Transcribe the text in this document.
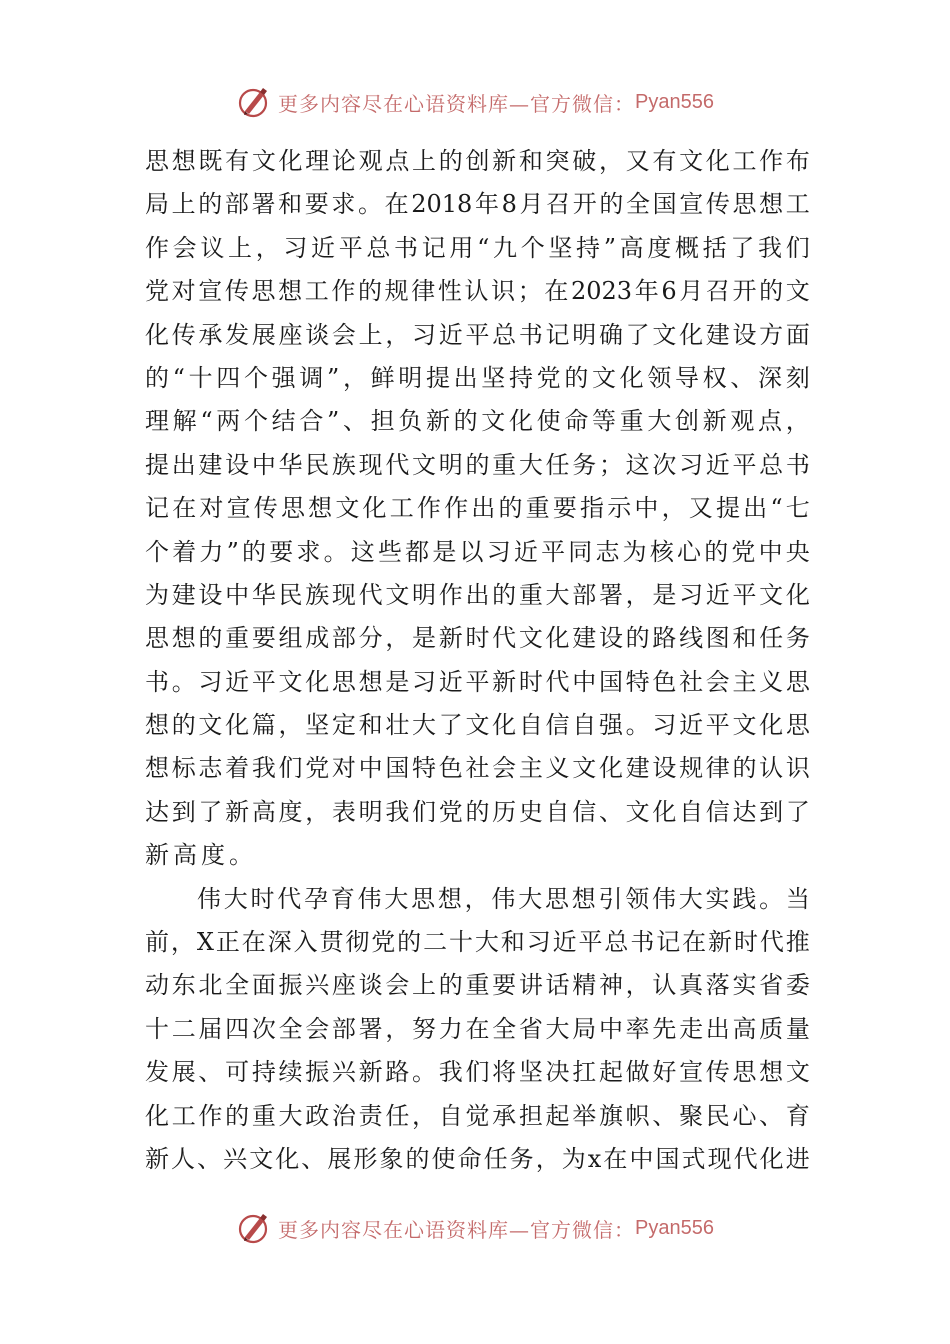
更多内容尽在心语资料库—官方微信： Pyan556
思 想 既 有 文 化 理 论 观 点 上 的 创 新 和 突 破 ， 又 有 文 化 工 作 布
局 上 的 部 署 和 要 求 。 在 2018 年 8 月 召 开 的 全 国 宣 传 思 想 工
作 会 议 上 ， 习 近 平 总 书 记 用 “ 九 个 坚 持 ” 高 度 概 括 了 我 们
党 对 宣 传 思 想 工 作 的 规 律 性 认 识 ； 在 2023 年 6 月 召 开 的 文
化 传 承 发 展 座 谈 会 上 ， 习 近 平 总 书 记 明 确 了 文 化 建 设 方 面
的 “ 十 四 个 强 调 ” ， 鲜 明 提 出 坚 持 党 的 文 化 领 导 权 、 深 刻
理 解 “ 两 个 结 合 ” 、 担 负 新 的 文 化 使 命 等 重 大 创 新 观 点 ，
提 出 建 设 中 华 民 族 现 代 文 明 的 重 大 任 务 ； 这 次 习 近 平 总 书
记 在 对 宣 传 思 想 文 化 工 作 作 出 的 重 要 指 示 中 ， 又 提 出 “ 七
个 着 力 ” 的 要 求 。 这 些 都 是 以 习 近 平 同 志 为 核 心 的 党 中 央
为 建 设 中 华 民 族 现 代 文 明 作 出 的 重 大 部 署 ， 是 习 近 平 文 化
思 想 的 重 要 组 成 部 分 ， 是 新 时 代 文 化 建 设 的 路 线 图 和 任 务
书 。 习 近 平 文 化 思 想 是 习 近 平 新 时 代 中 国 特 色 社 会 主 义 思
想 的 文 化 篇 ， 坚 定 和 壮 大 了 文 化 自 信 自 强 。 习 近 平 文 化 思
想 标 志 着 我 们 党 对 中 国 特 色 社 会 主 义 文 化 建 设 规 律 的 认 识
达 到 了 新 高 度 ， 表 明 我 们 党 的 历 史 自 信 、 文 化 自 信 达 到 了
新高度。
伟 大 时 代 孕 育 伟 大 思 想 ， 伟 大 思 想 引 领 伟 大 实 践 。 当
前 ， X 正 在 深 入 贯 彻 党 的 二 十 大 和 习 近 平 总 书 记 在 新 时 代 推
动 东 北 全 面 振 兴 座 谈 会 上 的 重 要 讲 话 精 神 ， 认 真 落 实 省 委
十 二 届 四 次 全 会 部 署 ， 努 力 在 全 省 大 局 中 率 先 走 出 高 质 量
发 展 、 可 持 续 振 兴 新 路 。 我 们 将 坚 决 扛 起 做 好 宣 传 思 想 文
化 工 作 的 重 大 政 治 责 任 ， 自 觉 承 担 起 举 旗 帜 、 聚 民 心 、 育
新 人 、 兴 文 化 、 展 形 象 的 使 命 任 务 ， 为 x 在 中 国 式 现 代 化 进
更多内容尽在心语资料库—官方微信： Pyan556
